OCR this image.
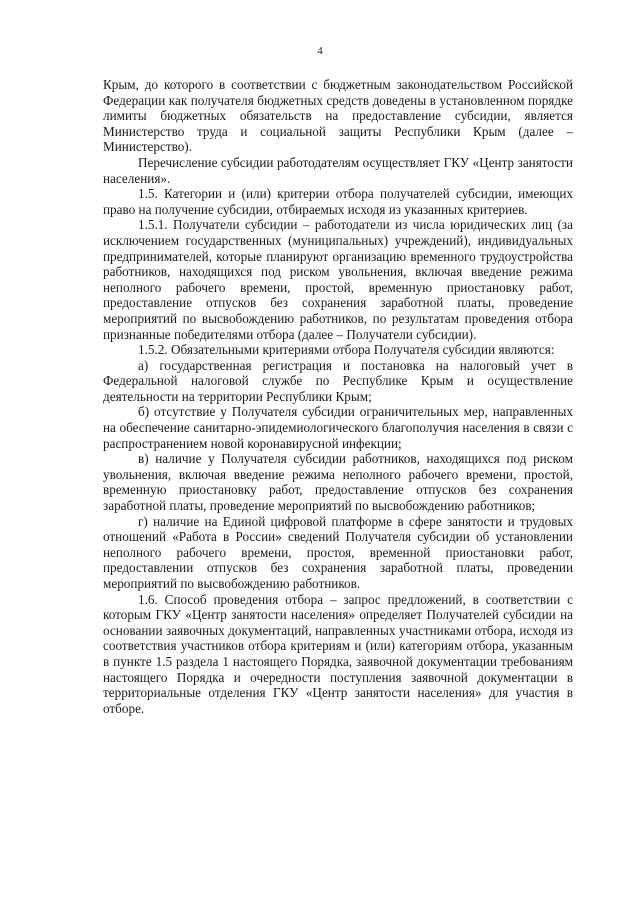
4

Крым, до которого в соответствии с бюджетным законодательством Российской Федерации как получателя бюджетных средств доведены в установленном порядке лимиты бюджетных обязательств на предоставление субсидии, является Министерство труда и социальной защиты Республики Крым (далее – Министерство).

Перечисление субсидии работодателям осуществляет ГКУ «Центр занятости населения».

1.5. Категории и (или) критерии отбора получателей субсидии, имеющих право на получение субсидии, отбираемых исходя из указанных критериев.

1.5.1. Получатели субсидии – работодатели из числа юридических лиц (за исключением государственных (муниципальных) учреждений), индивидуальных предпринимателей, которые планируют организацию временного трудоустройства работников, находящихся под риском увольнения, включая введение режима неполного рабочего времени, простой, временную приостановку работ, предоставление отпусков без сохранения заработной платы, проведение мероприятий по высвобождению работников, по результатам проведения отбора признанные победителями отбора (далее – Получатели субсидии).

1.5.2. Обязательными критериями отбора Получателя субсидии являются:

а) государственная регистрация и постановка на налоговый учет в Федеральной налоговой службе по Республике Крым и осуществление деятельности на территории Республики Крым;

б) отсутствие у Получателя субсидии ограничительных мер, направленных на обеспечение санитарно-эпидемиологического благополучия населения в связи с распространением новой коронавирусной инфекции;

в) наличие у Получателя субсидии работников, находящихся под риском увольнения, включая введение режима неполного рабочего времени, простой, временную приостановку работ, предоставление отпусков без сохранения заработной платы, проведение мероприятий по высвобождению работников;

г) наличие на Единой цифровой платформе в сфере занятости и трудовых отношений «Работа в России» сведений Получателя субсидии об установлении неполного рабочего времени, простоя, временной приостановки работ, предоставлении отпусков без сохранения заработной платы, проведении мероприятий по высвобождению работников.

1.6. Способ проведения отбора – запрос предложений, в соответствии с которым ГКУ «Центр занятости населения» определяет Получателей субсидии на основании заявочных документаций, направленных участниками отбора, исходя из соответствия участников отбора критериям и (или) категориям отбора, указанным в пункте 1.5 раздела 1 настоящего Порядка, заявочной документации требованиям настоящего Порядка и очередности поступления заявочной документации в территориальные отделения ГКУ «Центр занятости населения» для участия в отборе.
